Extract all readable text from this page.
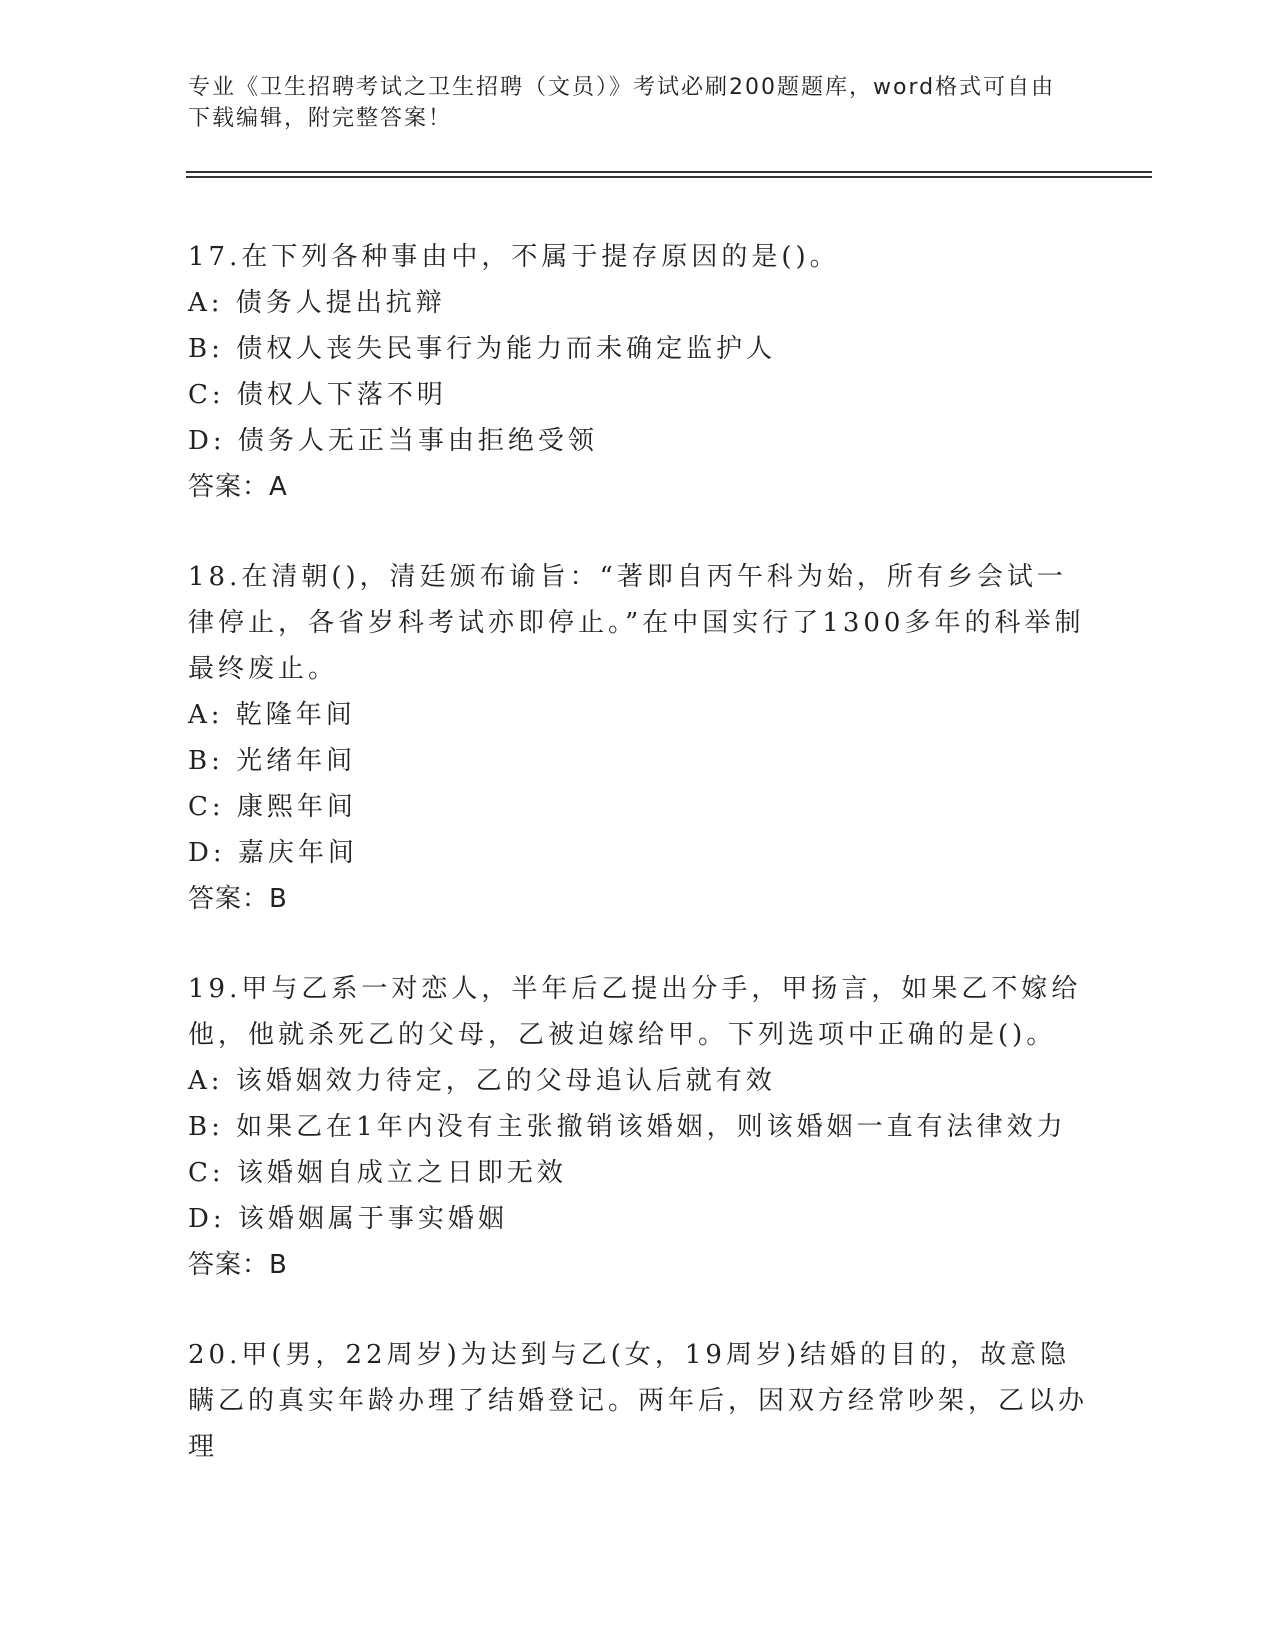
专业《卫生招聘考试之卫生招聘（文员）》考试必刷200题题库，word格式可自由下载编辑，附完整答案！

17.在下列各种事由中，不属于提存原因的是()。

A: 债务人提出抗辩

B: 债权人丧失民事行为能力而未确定监护人

C: 债权人下落不明

D: 债务人无正当事由拒绝受领

答案：A

18.在清朝()，清廷颁布谕旨：“著即自丙午科为始，所有乡会试一律停止，各省岁科考试亦即停止。”在中国实行了1300多年的科举制最终废止。

A: 乾隆年间

B: 光绪年间

C: 康熙年间

D: 嘉庆年间

答案：B

19.甲与乙系一对恋人，半年后乙提出分手，甲扬言，如果乙不嫁给他，他就杀死乙的父母，乙被迫嫁给甲。下列选项中正确的是()。

A: 该婚姻效力待定，乙的父母追认后就有效

B: 如果乙在1年内没有主张撤销该婚姻，则该婚姻一直有法律效力

C: 该婚姻自成立之日即无效

D: 该婚姻属于事实婚姻

答案：B

20.甲(男，22周岁)为达到与乙(女，19周岁)结婚的目的，故意隐瞒乙的真实年龄办理了结婚登记。两年后，因双方经常吵架，乙以办理
